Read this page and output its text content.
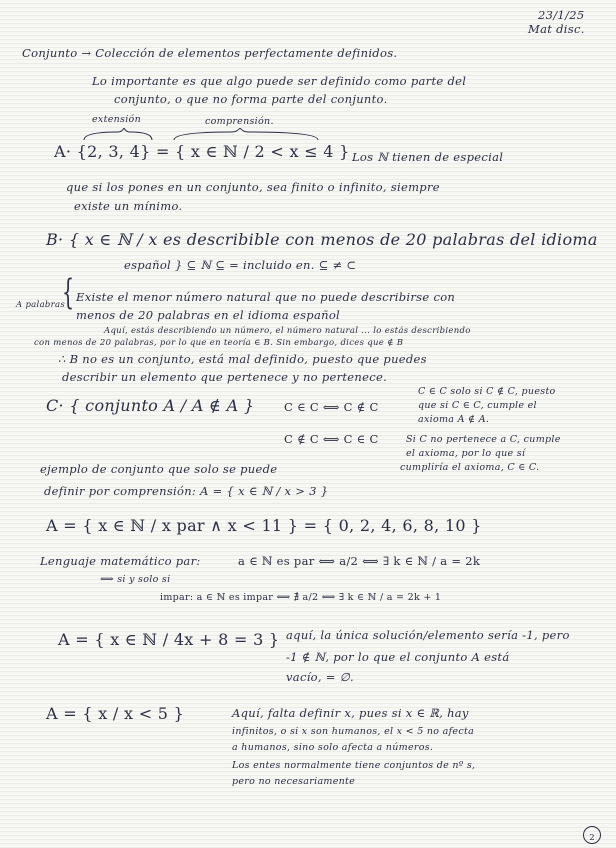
23/1/25
Mat disc.
Conjunto → Colección de elementos perfectamente definidos.
Lo importante es que algo puede ser definido como parte del
conjunto, o que no forma parte del conjunto.
extensión	comprensión.
A· {2, 3, 4} = { x ∈ ℕ / 2 < x ≤ 4 } Los ℕ tienen de especial
que si los pones en un conjunto, sea finito o infinito, siempre
existe un mínimo.
B· { x ∈ ℕ / x es describible con menos de 20 palabras del idioma
español } ⊆ ℕ ⊆ = incluido en. ⊆ ≠ ⊂
A palabras
{ Existe el menor número natural que no puede describirse con
menos de 20 palabras en el idioma español
Aquí, estás describiendo un número, el número natural ... lo estás describiendo
con menos de 20 palabras, por lo que en teoría ∈ B. Sin embargo, dices que ∉ B
∴ B no es un conjunto, está mal definido, puesto que puedes
describir un elemento que pertenece y no pertenece.
C· { conjunto A / A ∉ A }	C ∈ C ⟺ C ∉ C
C ∉ C ⟺ C ∈ C
C ∈ C solo si C ∉ C, puesto
que si C ∈ C, cumple el
axioma A ∉ A.
Si C no pertenece a C, cumple
el axioma, por lo que sí
cumpliría el axioma, C ∈ C.
ejemplo de conjunto que solo se puede
definir por comprensión: A = { x ∈ ℕ / x > 3 }
A = { x ∈ ℕ / x par ∧ x < 11 } = { 0, 2, 4, 6, 8, 10 }
Lenguaje matemático par:	a ∈ ℕ es par ⟺ a/2 ⟺ ∃ k ∈ ℕ / a = 2k
⟺ si y solo si
impar: a ∈ ℕ es impar ⟺ ∄ a/2 ⟺ ∃ k ∈ ℕ / a = 2k + 1
A = { x ∈ ℕ / 4x + 8 = 3 } aquí, la única solución/elemento sería -1, pero
-1 ∉ ℕ, por lo que el conjunto A está
vacío, = ∅.
A = { x / x < 5 }	Aquí, falta definir x, pues si x ∈ ℝ, hay
infinitos, o si x son humanos, el x < 5 no afecta
a humanos, sino solo afecta a números.
Los entes normalmente tiene conjuntos de nº s,
pero no necesariamente
2
